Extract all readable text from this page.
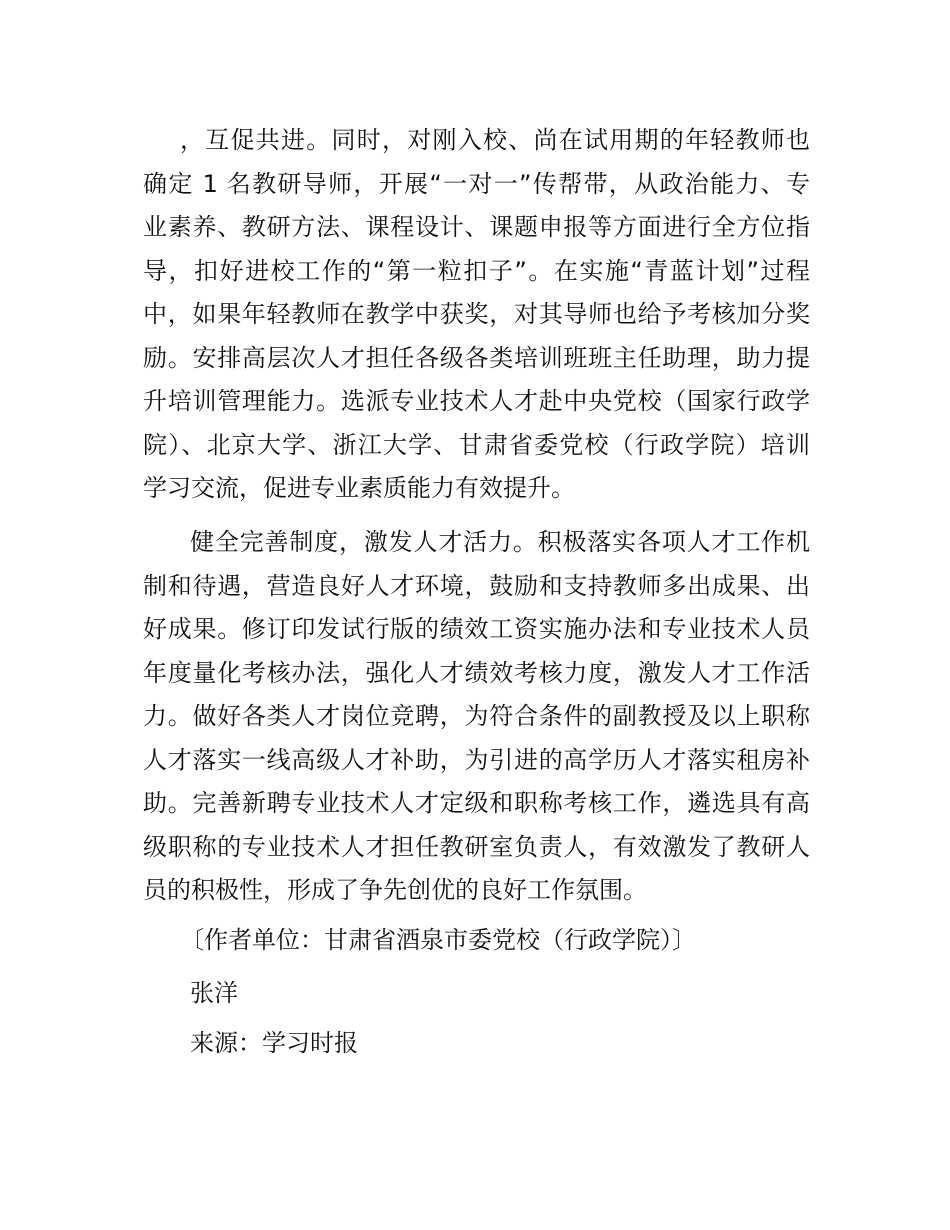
，互促共进。同时，对刚入校、尚在试用期的年轻教师也
确定 1 名教研导师，开展“一对一”传帮带，从政治能力、专
业素养、教研方法、课程设计、课题申报等方面进行全方位指
导，扣好进校工作的“第一粒扣子”。在实施“青蓝计划”过程
中，如果年轻教师在教学中获奖，对其导师也给予考核加分奖
励。安排高层次人才担任各级各类培训班班主任助理，助力提
升培训管理能力。选派专业技术人才赴中央党校（国家行政学
院）、北京大学、浙江大学、甘肃省委党校（行政学院）培训
学习交流，促进专业素质能力有效提升。
健全完善制度，激发人才活力。积极落实各项人才工作机
制和待遇，营造良好人才环境，鼓励和支持教师多出成果、出
好成果。修订印发试行版的绩效工资实施办法和专业技术人员
年度量化考核办法，强化人才绩效考核力度，激发人才工作活
力。做好各类人才岗位竞聘，为符合条件的副教授及以上职称
人才落实一线高级人才补助，为引进的高学历人才落实租房补
助。完善新聘专业技术人才定级和职称考核工作，遴选具有高
级职称的专业技术人才担任教研室负责人，有效激发了教研人
员的积极性，形成了争先创优的良好工作氛围。
〔作者单位：甘肃省酒泉市委党校（行政学院）〕
张洋
来源：学习时报
